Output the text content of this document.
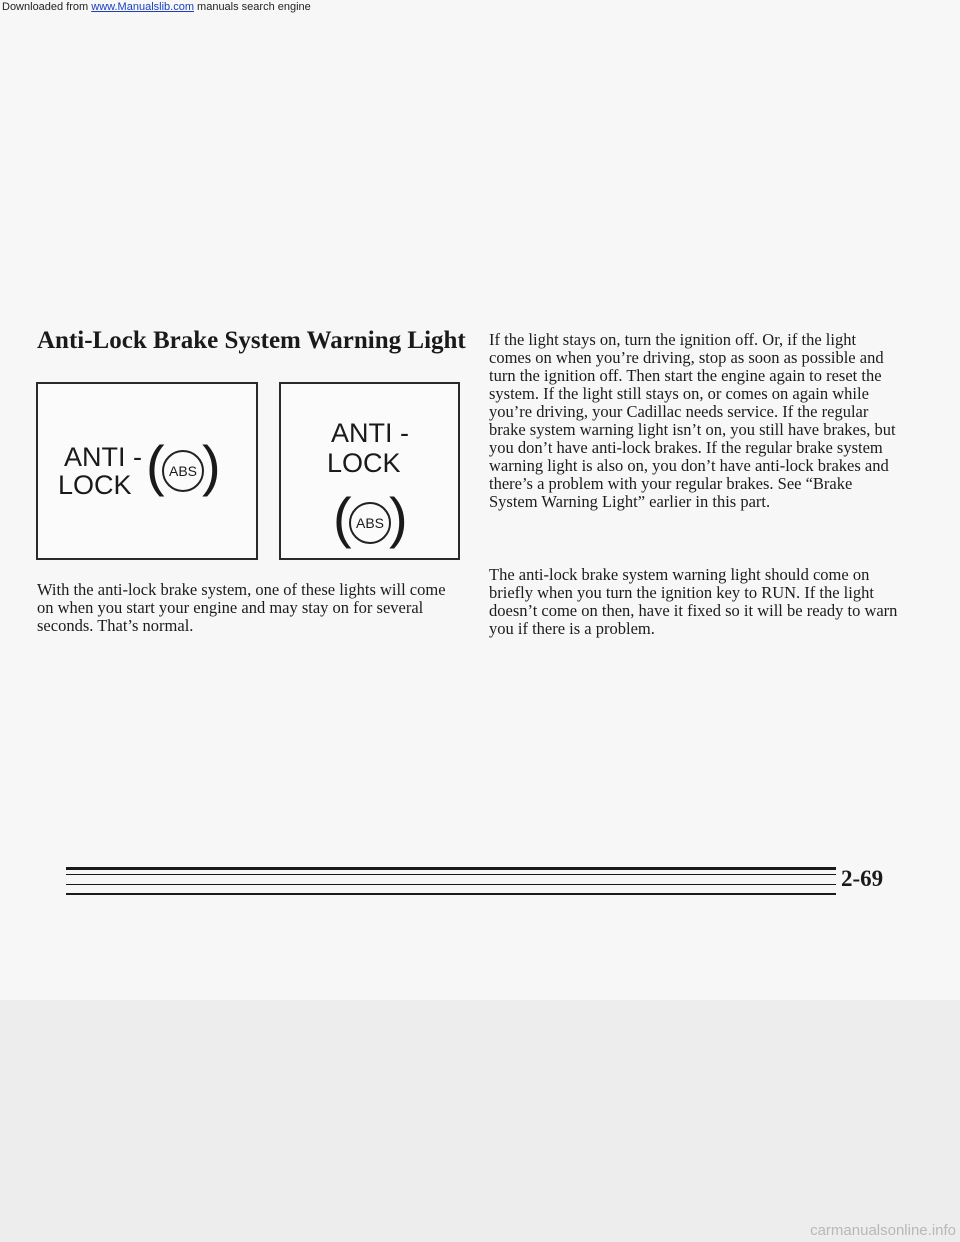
Downloaded from www.Manualslib.com manuals search engine
Anti-Lock Brake System Warning Light
ANTI -
LOCK ( ABS )
ANTI -
LOCK
( ABS )

With the anti-lock brake system, one of these lights will come on when you start your engine and may stay on for several seconds. That’s normal.

If the light stays on, turn the ignition off. Or, if the light comes on when you’re driving, stop as soon as possible and turn the ignition off. Then start the engine again to reset the system. If the light still stays on, or comes on again while you’re driving, your Cadillac needs service. If the regular brake system warning light isn’t on, you still have brakes, but you don’t have anti-lock brakes. If the regular brake system warning light is also on, you don’t have anti-lock brakes and there’s a problem with your regular brakes. See “Brake System Warning Light” earlier in this part.

The anti-lock brake system warning light should come on briefly when you turn the ignition key to RUN. If the light doesn’t come on then, have it fixed so it will be ready to warn you if there is a problem.

2-69
carmanualsonline.info
